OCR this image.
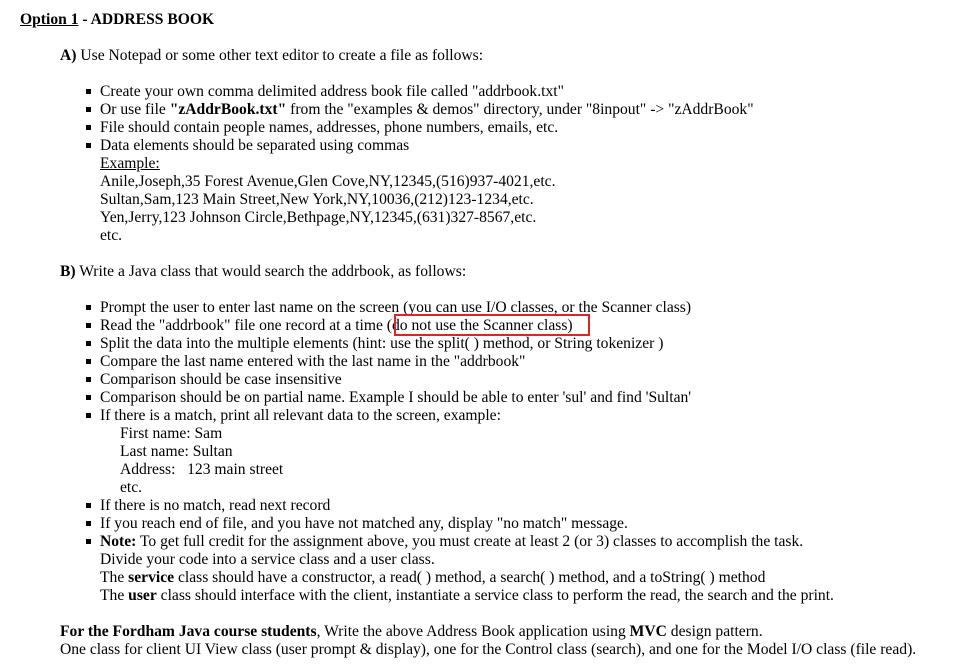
Option 1 - ADDRESS BOOK
A) Use Notepad or some other text editor to create a file as follows:
Create your own comma delimited address book file called "addrbook.txt"
Or use file "zAddrBook.txt" from the "examples & demos" directory, under "8inpout" -> "zAddrBook"
File should contain people names, addresses, phone numbers, emails, etc.
Data elements should be separated using commas
Example:
Anile,Joseph,35 Forest Avenue,Glen Cove,NY,12345,(516)937-4021,etc.
Sultan,Sam,123 Main Street,New York,NY,10036,(212)123-1234,etc.
Yen,Jerry,123 Johnson Circle,Bethpage,NY,12345,(631)327-8567,etc.
etc.
B) Write a Java class that would search the addrbook, as follows:
Prompt the user to enter last name on the screen (you can use I/O classes, or the Scanner class)
Read the "addrbook" file one record at a time (do not use the Scanner class)
Split the data into the multiple elements (hint: use the split( ) method, or String tokenizer )
Compare the last name entered with the last name in the "addrbook"
Comparison should be case insensitive
Comparison should be on partial name. Example I should be able to enter 'sul' and find 'Sultan'
If there is a match, print all relevant data to the screen, example:
First name: Sam
Last name: Sultan
Address:   123 main street
etc.
If there is no match, read next record
If you reach end of file, and you have not matched any, display "no match" message.
Note: To get full credit for the assignment above, you must create at least 2 (or 3) classes to accomplish the task.
Divide your code into a service class and a user class.
The service class should have a constructor, a read( ) method, a search( ) method, and a toString( ) method
The user class should interface with the client, instantiate a service class to perform the read, the search and the print.
For the Fordham Java course students, Write the above Address Book application using MVC design pattern.
One class for client UI View class (user prompt & display), one for the Control class (search), and one for the Model I/O class (file read).
